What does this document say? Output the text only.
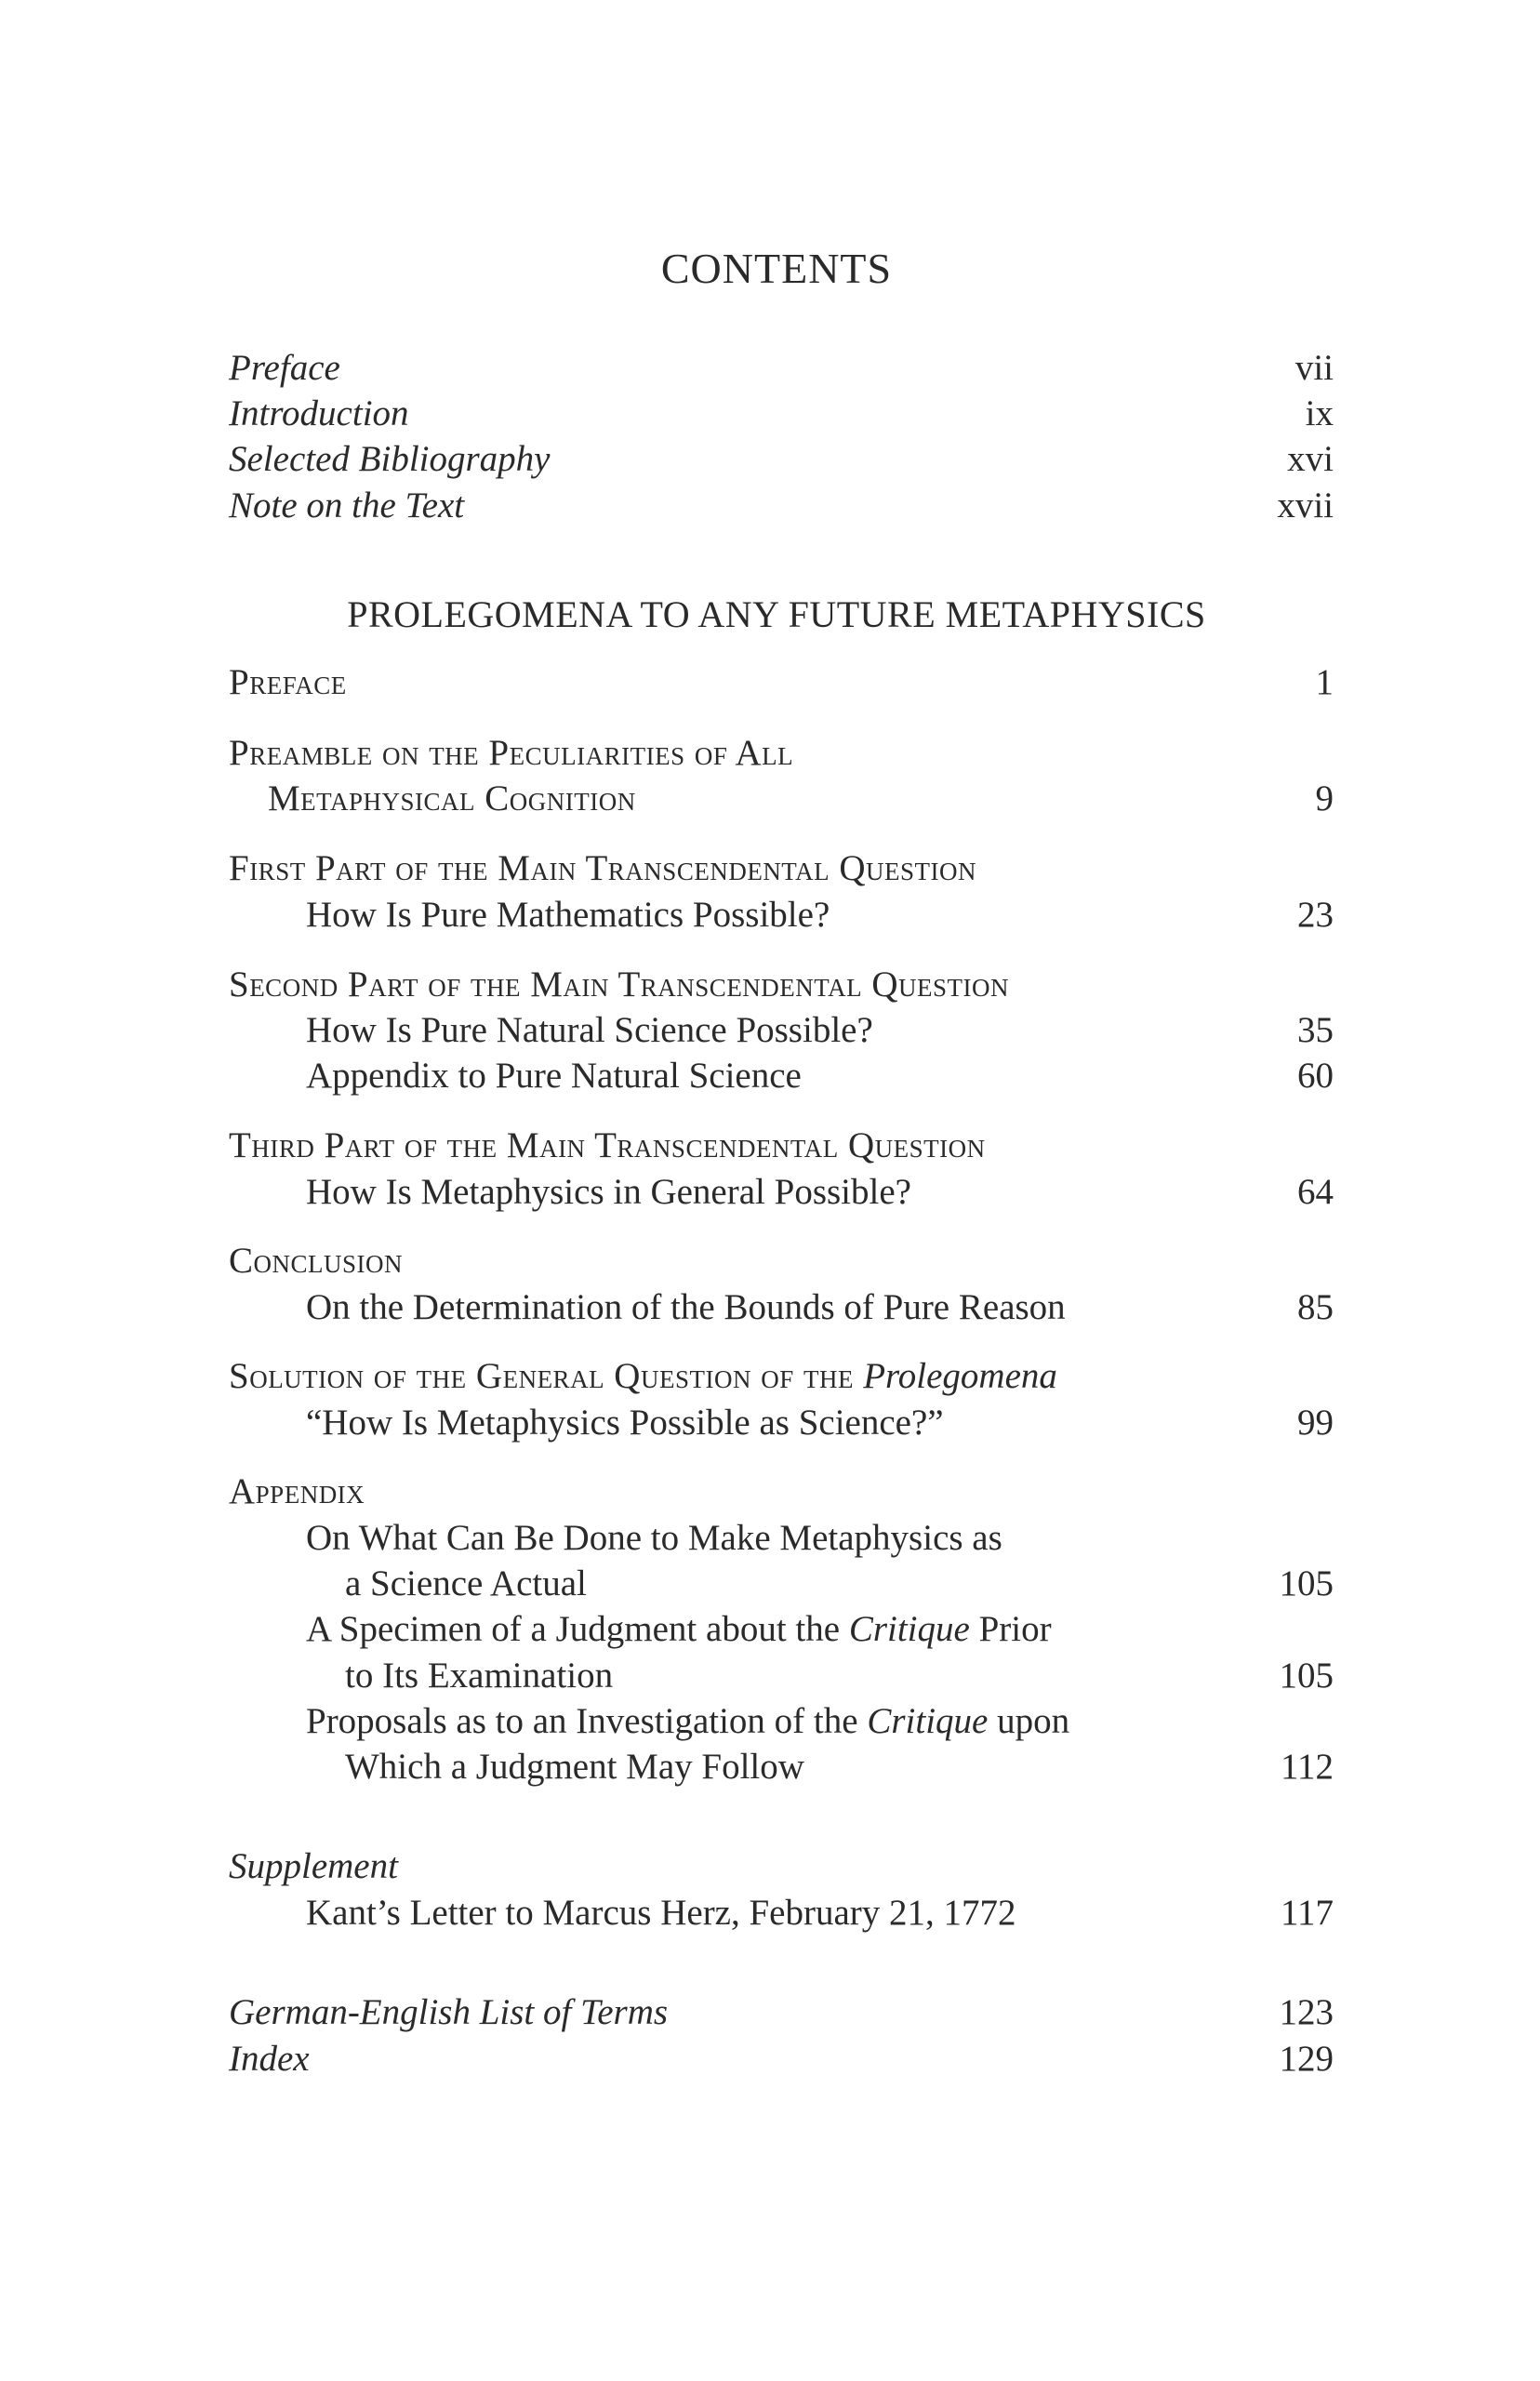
CONTENTS
Preface	vii
Introduction	ix
Selected Bibliography	xvi
Note on the Text	xvii
PROLEGOMENA TO ANY FUTURE METAPHYSICS
Preface	1
Preamble on the Peculiarities of All
Metaphysical Cognition	9
First Part of the Main Transcendental Question
How Is Pure Mathematics Possible?	23
Second Part of the Main Transcendental Question
How Is Pure Natural Science Possible?	35
Appendix to Pure Natural Science	60
Third Part of the Main Transcendental Question
How Is Metaphysics in General Possible?	64
Conclusion
On the Determination of the Bounds of Pure Reason	85
Solution of the General Question of the Prolegomena
“How Is Metaphysics Possible as Science?”	99
Appendix
On What Can Be Done to Make Metaphysics as
a Science Actual	105
A Specimen of a Judgment about the Critique Prior
to Its Examination	105
Proposals as to an Investigation of the Critique upon
Which a Judgment May Follow	112
Supplement
Kant’s Letter to Marcus Herz, February 21, 1772	117
German-English List of Terms	123
Index	129
